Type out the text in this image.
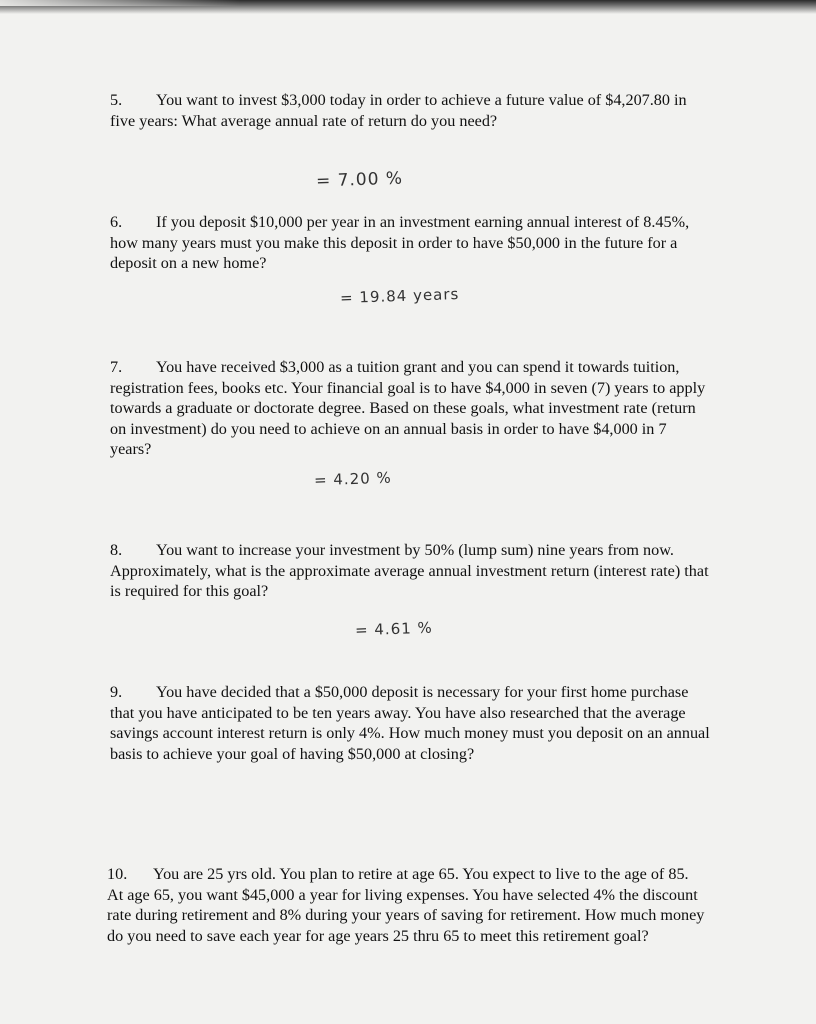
5. You want to invest $3,000 today in order to achieve a future value of $4,207.80 in five years: What average annual rate of return do you need?
= 7.00 %
6. If you deposit $10,000 per year in an investment earning annual interest of 8.45%, how many years must you make this deposit in order to have $50,000 in the future for a deposit on a new home?
= 19.84 years
7. You have received $3,000 as a tuition grant and you can spend it towards tuition, registration fees, books etc. Your financial goal is to have $4,000 in seven (7) years to apply towards a graduate or doctorate degree. Based on these goals, what investment rate (return on investment) do you need to achieve on an annual basis in order to have $4,000 in 7 years?
= 4.20 %
8. You want to increase your investment by 50% (lump sum) nine years from now. Approximately, what is the approximate average annual investment return (interest rate) that is required for this goal?
= 4.61 %
9. You have decided that a $50,000 deposit is necessary for your first home purchase that you have anticipated to be ten years away. You have also researched that the average savings account interest return is only 4%. How much money must you deposit on an annual basis to achieve your goal of having $50,000 at closing?
10. You are 25 yrs old. You plan to retire at age 65. You expect to live to the age of 85. At age 65, you want $45,000 a year for living expenses. You have selected 4% the discount rate during retirement and 8% during your years of saving for retirement. How much money do you need to save each year for age years 25 thru 65 to meet this retirement goal?
